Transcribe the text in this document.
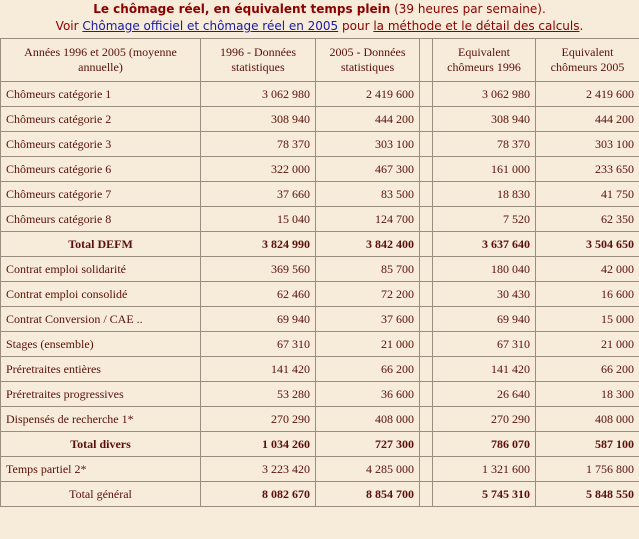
Le chômage réel, en équivalent temps plein (39 heures par semaine).
Voir Chômage officiel et chômage réel en 2005 pour la méthode et le détail des calculs.
Années 1996 et 2005 (moyenne annuelle)	1996 - Données statistiques	2005 - Données statistiques		Equivalent chômeurs 1996	Equivalent chômeurs 2005
Chômeurs catégorie 1	3 062 980	2 419 600		3 062 980	2 419 600
Chômeurs catégorie 2	308 940	444 200		308 940	444 200
Chômeurs catégorie 3	78 370	303 100		78 370	303 100
Chômeurs catégorie 6	322 000	467 300		161 000	233 650
Chômeurs catégorie 7	37 660	83 500		18 830	41 750
Chômeurs catégorie 8	15 040	124 700		7 520	62 350
Total DEFM	3 824 990	3 842 400		3 637 640	3 504 650
Contrat emploi solidarité	369 560	85 700		180 040	42 000
Contrat emploi consolidé	62 460	72 200		30 430	16 600
Contrat Conversion / CAE ..	69 940	37 600		69 940	15 000
Stages (ensemble)	67 310	21 000		67 310	21 000
Préretraites entières	141 420	66 200		141 420	66 200
Préretraites progressives	53 280	36 600		26 640	18 300
Dispensés de recherche 1*	270 290	408 000		270 290	408 000
Total divers	1 034 260	727 300		786 070	587 100
Temps partiel 2*	3 223 420	4 285 000		1 321 600	1 756 800
Total général	8 082 670	8 854 700		5 745 310	5 848 550
